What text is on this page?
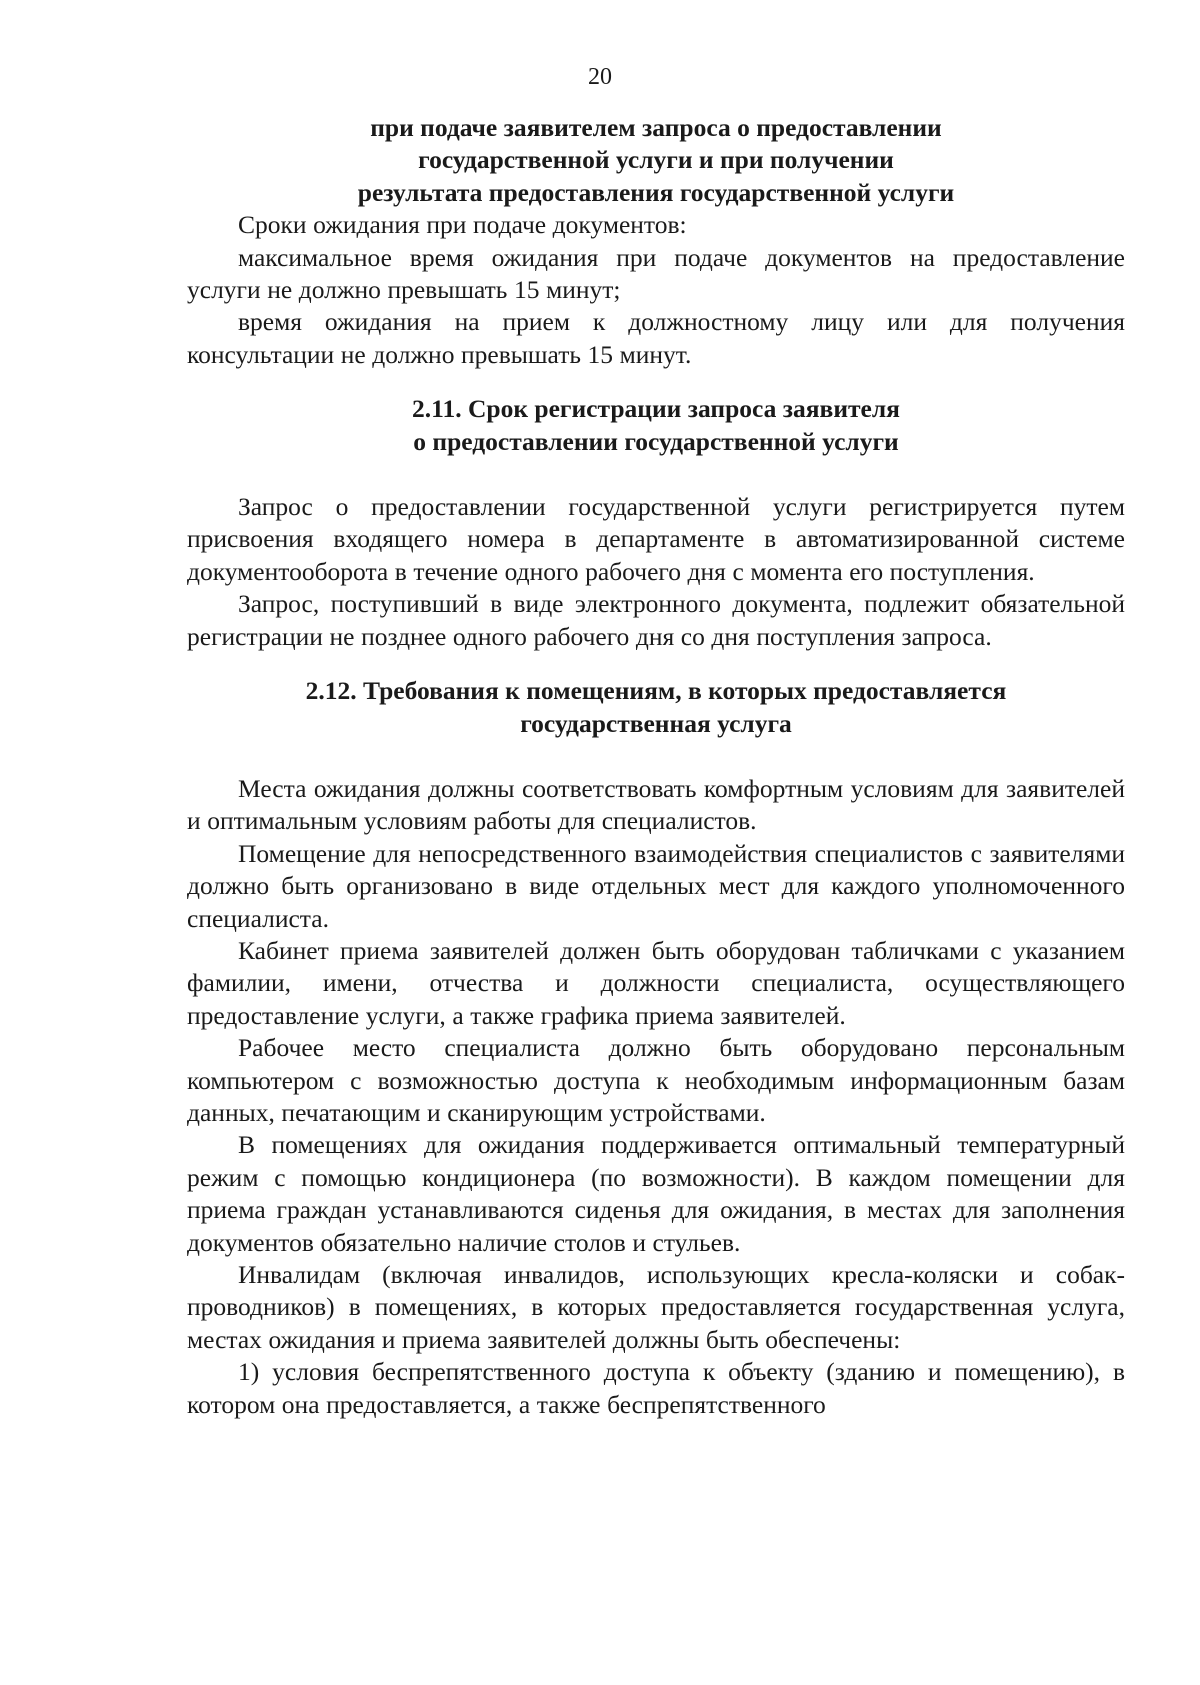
20
при подаче заявителем запроса о предоставлении
государственной услуги и при получении
результата предоставления государственной услуги
Сроки ожидания при подаче документов:
максимальное время ожидания при подаче документов на предоставление услуги не должно превышать 15 минут;
время ожидания на прием к должностному лицу или для получения консультации не должно превышать 15 минут.
2.11. Срок регистрации запроса заявителя
о предоставлении государственной услуги
Запрос о предоставлении государственной услуги регистрируется путем присвоения входящего номера в департаменте в автоматизированной системе документооборота в течение одного рабочего дня с момента его поступления.
Запрос, поступивший в виде электронного документа, подлежит обязательной регистрации не позднее одного рабочего дня со дня поступления запроса.
2.12. Требования к помещениям, в которых предоставляется
государственная услуга
Места ожидания должны соответствовать комфортным условиям для заявителей и оптимальным условиям работы для специалистов.
Помещение для непосредственного взаимодействия специалистов с заявителями должно быть организовано в виде отдельных мест для каждого уполномоченного специалиста.
Кабинет приема заявителей должен быть оборудован табличками с указанием фамилии, имени, отчества и должности специалиста, осуществляющего предоставление услуги, а также графика приема заявителей.
Рабочее место специалиста должно быть оборудовано персональным компьютером с возможностью доступа к необходимым информационным базам данных, печатающим и сканирующим устройствами.
В помещениях для ожидания поддерживается оптимальный температурный режим с помощью кондиционера (по возможности). В каждом помещении для приема граждан устанавливаются сиденья для ожидания, в местах для заполнения документов обязательно наличие столов и стульев.
Инвалидам (включая инвалидов, использующих кресла-коляски и собак-проводников) в помещениях, в которых предоставляется государственная услуга, местах ожидания и приема заявителей должны быть обеспечены:
1) условия беспрепятственного доступа к объекту (зданию и помещению), в котором она предоставляется, а также беспрепятственного
